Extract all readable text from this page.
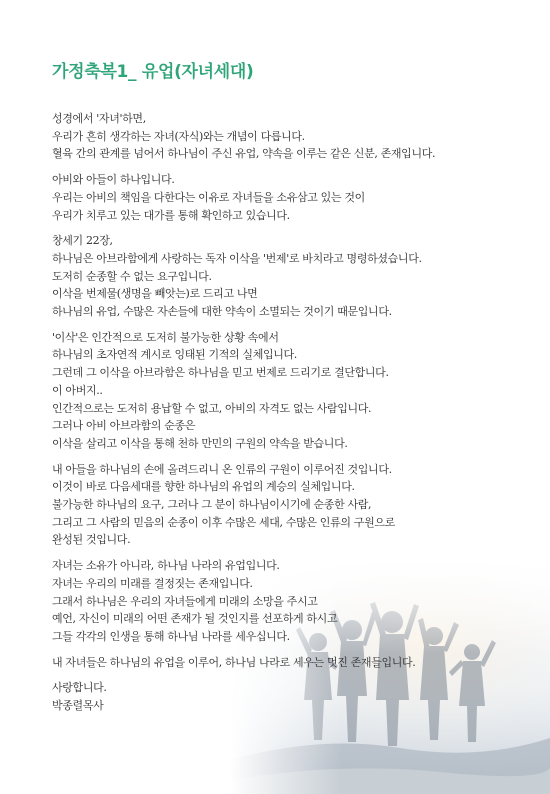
가정축복1_ 유업(자녀세대)
성경에서 '자녀'하면,
우리가 흔히 생각하는 자녀(자식)와는 개념이 다릅니다.
혈육 간의 관계를 넘어서 하나님이 주신 유업, 약속을 이루는 같은 신분, 존재입니다.
아비와 아들이 하나입니다.
우리는 아비의 책임을 다한다는 이유로 자녀들을 소유삼고 있는 것이
우리가 치루고 있는 대가를 통해 확인하고 있습니다.
창세기 22장,
하나님은 아브라함에게 사랑하는 독자 이삭을 '번제'로 바치라고 명령하셨습니다.
도저히 순종할 수 없는 요구입니다.
이삭을 번제물(생명을 빼앗는)로 드리고 나면
하나님의 유업, 수많은 자손들에 대한 약속이 소멸되는 것이기 때문입니다.
'이삭'은 인간적으로 도저히 불가능한 상황 속에서
하나님의 초자연적 계시로 잉태된 기적의 실체입니다.
그런데 그 이삭을 아브라함은 하나님을 믿고 번제로 드리기로 결단합니다.
이 아버지..
인간적으로는 도저히 용납할 수 없고, 아비의 자격도 없는 사람입니다.
그러나 아비 아브라함의 순종은
이삭을 살리고 이삭을 통해 천하 만민의 구원의 약속을 받습니다.
내 아들을 하나님의 손에 올려드리니 온 인류의 구원이 이루어진 것입니다.
이것이 바로 다음세대를 향한 하나님의 유업의 계승의 실체입니다.
불가능한 하나님의 요구, 그러나 그 분이 하나님이시기에 순종한 사람,
그리고 그 사람의 믿음의 순종이 이후 수많은 세대, 수많은 인류의 구원으로
완성된 것입니다.
자녀는 소유가 아니라, 하나님 나라의 유업입니다.
자녀는 우리의 미래를 결정짓는 존재입니다.
그래서 하나님은 우리의 자녀들에게 미래의 소망을 주시고
예언, 자신이 미래의 어떤 존재가 될 것인지를 선포하게 하시고
그들 각각의 인생을 통해 하나님 나라를 세우십니다.
내 자녀들은 하나님의 유업을 이루어, 하나님 나라로 세우는 멋진 존재들입니다.
사랑합니다.
박종렬목사
